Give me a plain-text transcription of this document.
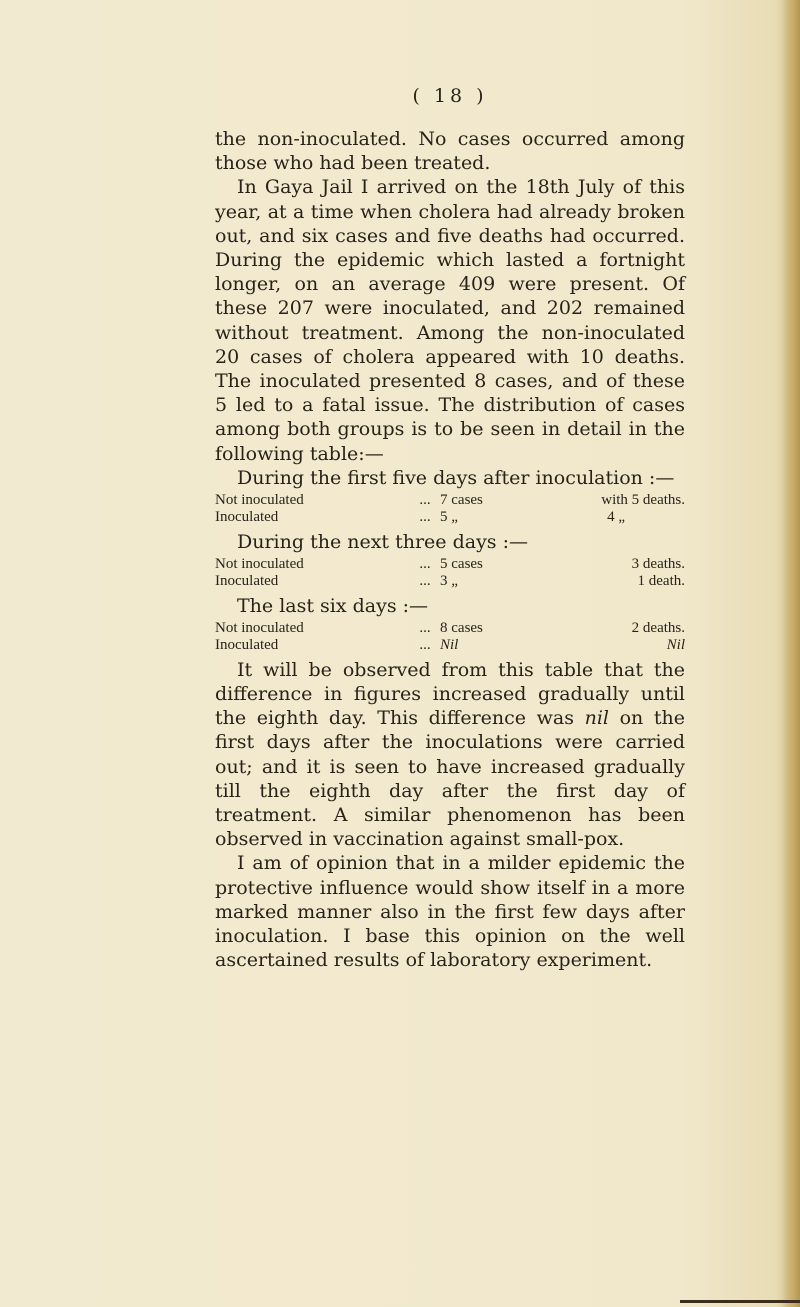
( 18 )

the non-inoculated. No cases occurred among those who had been treated.

In Gaya Jail I arrived on the 18th July of this year, at a time when cholera had already broken out, and six cases and five deaths had occurred. During the epidemic which lasted a fortnight longer, on an average 409 were present. Of these 207 were inoculated, and 202 remained without treatment. Among the non-inoculated 20 cases of cholera appeared with 10 deaths. The inoculated presented 8 cases, and of these 5 led to a fatal issue. The distribution of cases among both groups is to be seen in detail in the following table:—

During the first five days after inoculation :—

Not inoculated	...	7 cases	with 5 deaths.
Inoculated	...	5 „	4 „

During the next three days :—

Not inoculated	...	5 cases	3 deaths.
Inoculated	...	3 „	1 death.

The last six days :—

Not inoculated	...	8 cases	2 deaths.
Inoculated	...	Nil	Nil

It will be observed from this table that the difference in figures increased gradually until the eighth day. This difference was nil on the first days after the inoculations were carried out; and it is seen to have increased gradually till the eighth day after the first day of treatment. A similar phenomenon has been observed in vaccination against small-pox.

I am of opinion that in a milder epidemic the protective influence would show itself in a more marked manner also in the first few days after inoculation. I base this opinion on the well ascertained results of laboratory experiment.
